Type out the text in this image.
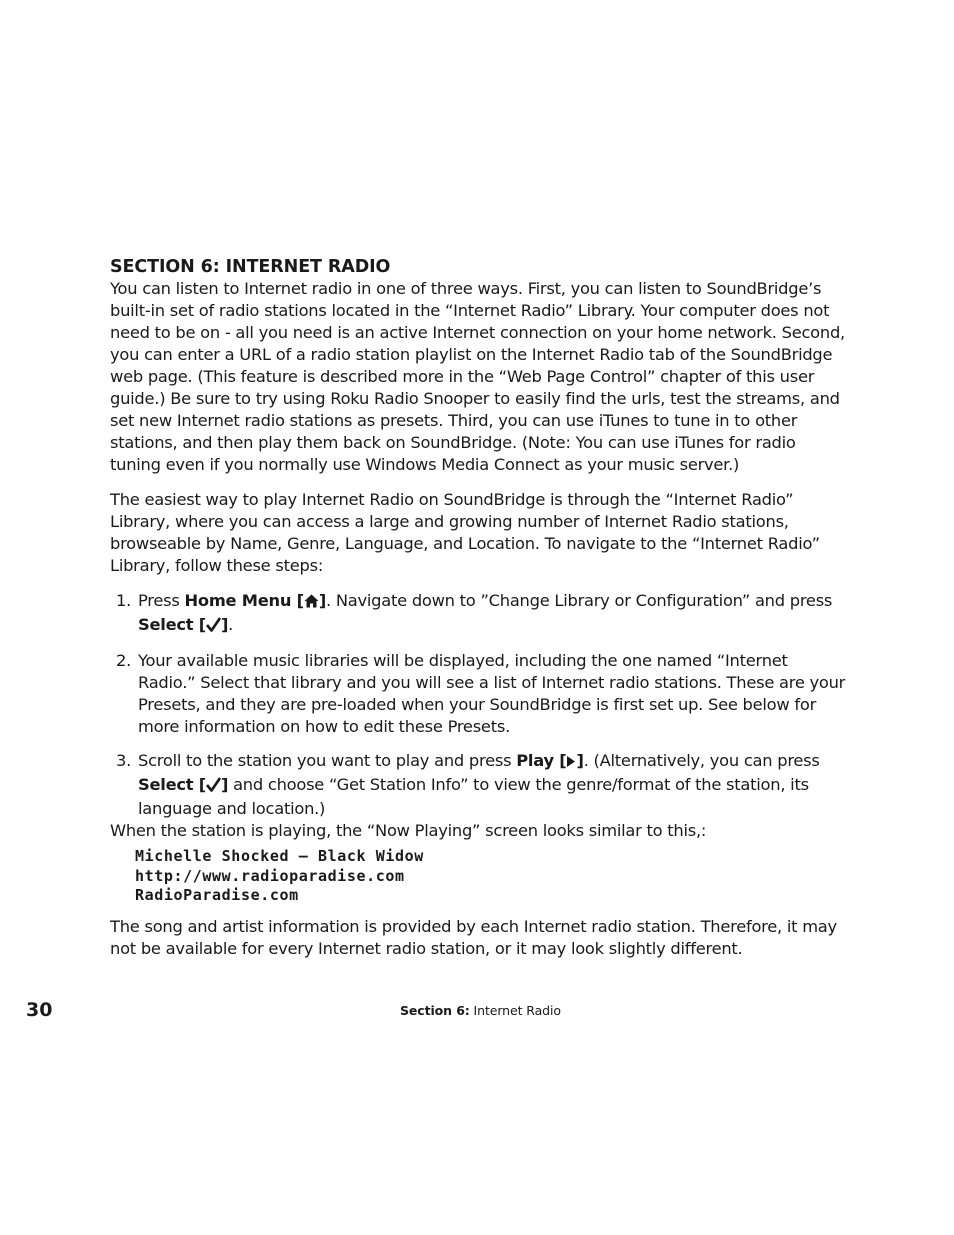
SECTION 6: INTERNET RADIO

You can listen to Internet radio in one of three ways. First, you can listen to SoundBridge’s built-in set of radio stations located in the “Internet Radio” Library. Your computer does not need to be on - all you need is an active Internet connection on your home network. Second, you can enter a URL of a radio station playlist on the Internet Radio tab of the SoundBridge web page. (This feature is described more in the “Web Page Control” chapter of this user guide.) Be sure to try using Roku Radio Snooper to easily find the urls, test the streams, and set new Internet radio stations as presets. Third, you can use iTunes to tune in to other stations, and then play them back on SoundBridge. (Note: You can use iTunes for radio tuning even if you normally use Windows Media Connect as your music server.)

The easiest way to play Internet Radio on SoundBridge is through the “Internet Radio” Library, where you can access a large and growing number of Internet Radio stations, browseable by Name, Genre, Language, and Location. To navigate to the “Internet Radio” Library, follow these steps:

1. Press Home Menu [ ]. Navigate down to ”Change Library or Configuration” and press Select [ ].
2. Your available music libraries will be displayed, including the one named “Internet Radio.” Select that library and you will see a list of Internet radio stations. These are your Presets, and they are pre-loaded when your SoundBridge is first set up. See below for more information on how to edit these Presets.
3. Scroll to the station you want to play and press Play [ ]. (Alternatively, you can press Select [ ] and choose “Get Station Info” to view the genre/format of the station, its language and location.)

When the station is playing, the “Now Playing” screen looks similar to this,:

Michelle Shocked – Black Widow
http://www.radioparadise.com
RadioParadise.com

The song and artist information is provided by each Internet radio station. Therefore, it may not be available for every Internet radio station, or it may look slightly different.

30	Section 6: Internet Radio
